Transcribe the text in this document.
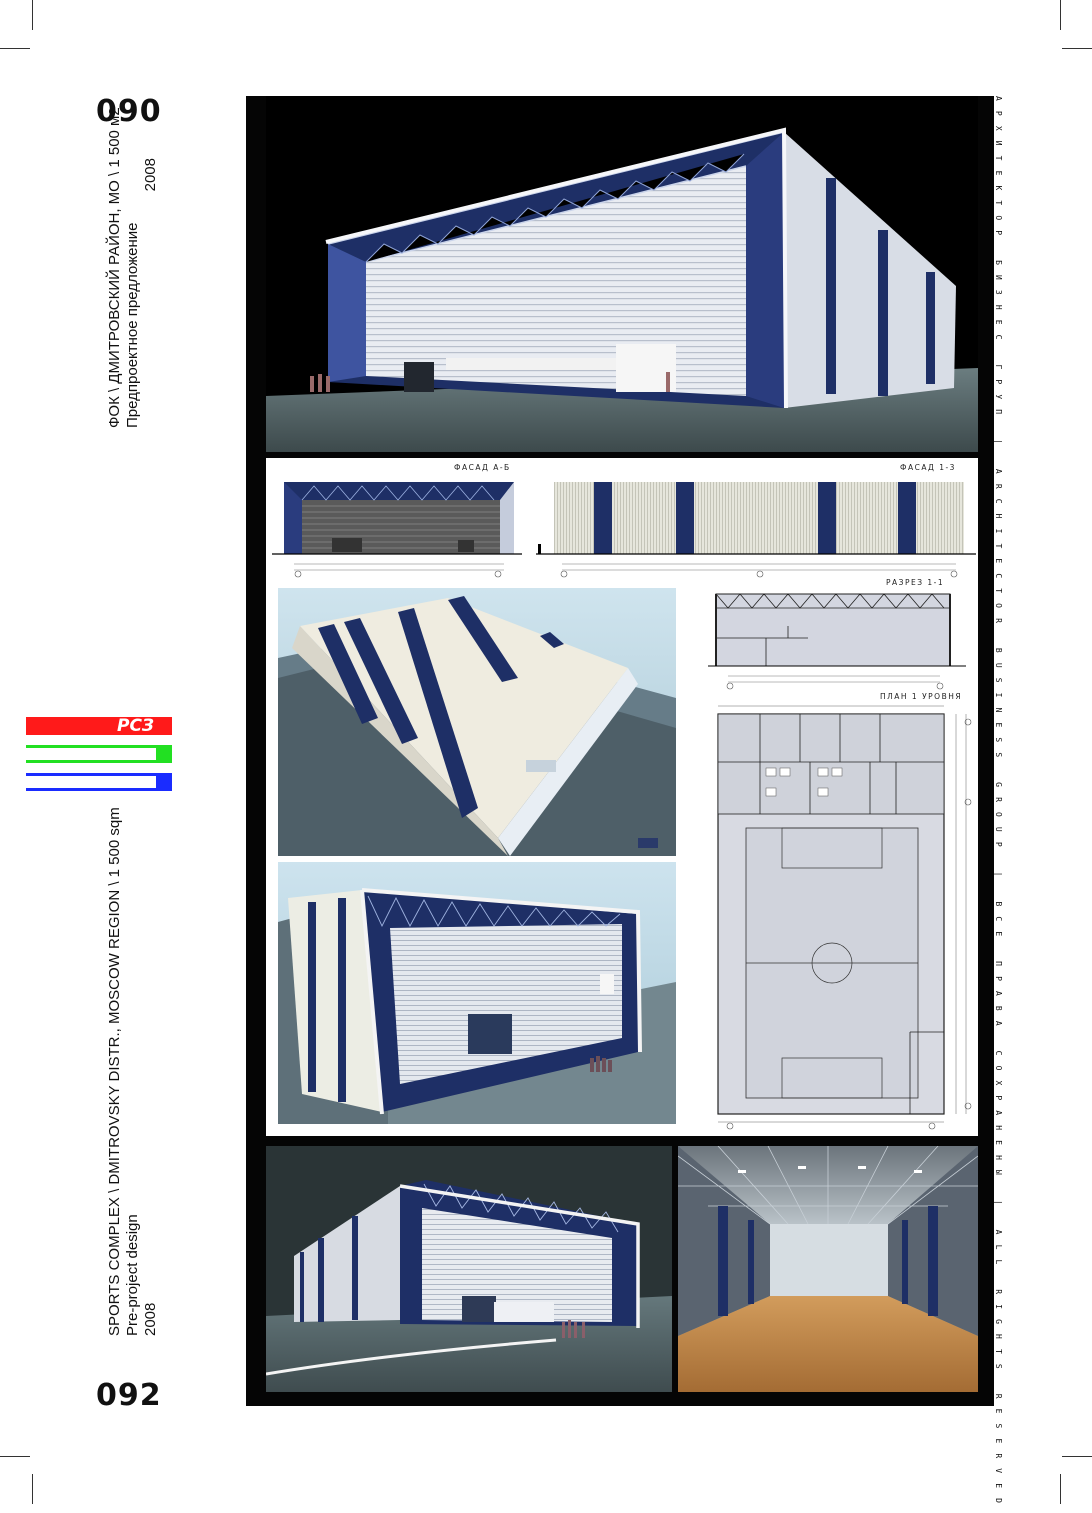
090
092
ФОК \ ДМИТРОВСКИЙ РАЙОН, МО \ 1 500 м2 Предпроектное предложение
2008
SPORTS COMPLEX \ DMITROVSKY DISTR., MOSCOW REGION \ 1 500 sqm Pre-project design 2008
РСЗ	АРХИТЕКТОР БИЗНЕС ГРУП | ARCHITECTOR BUSINESS GROUP | ВСЕ ПРАВА СОХРАНЕНЫ | ALL RIGHTS RESERVED
ФАСАД А-Б	ФАСАД 1-3
РАЗРЕЗ 1-1
ПЛАН 1 УРОВНЯ
